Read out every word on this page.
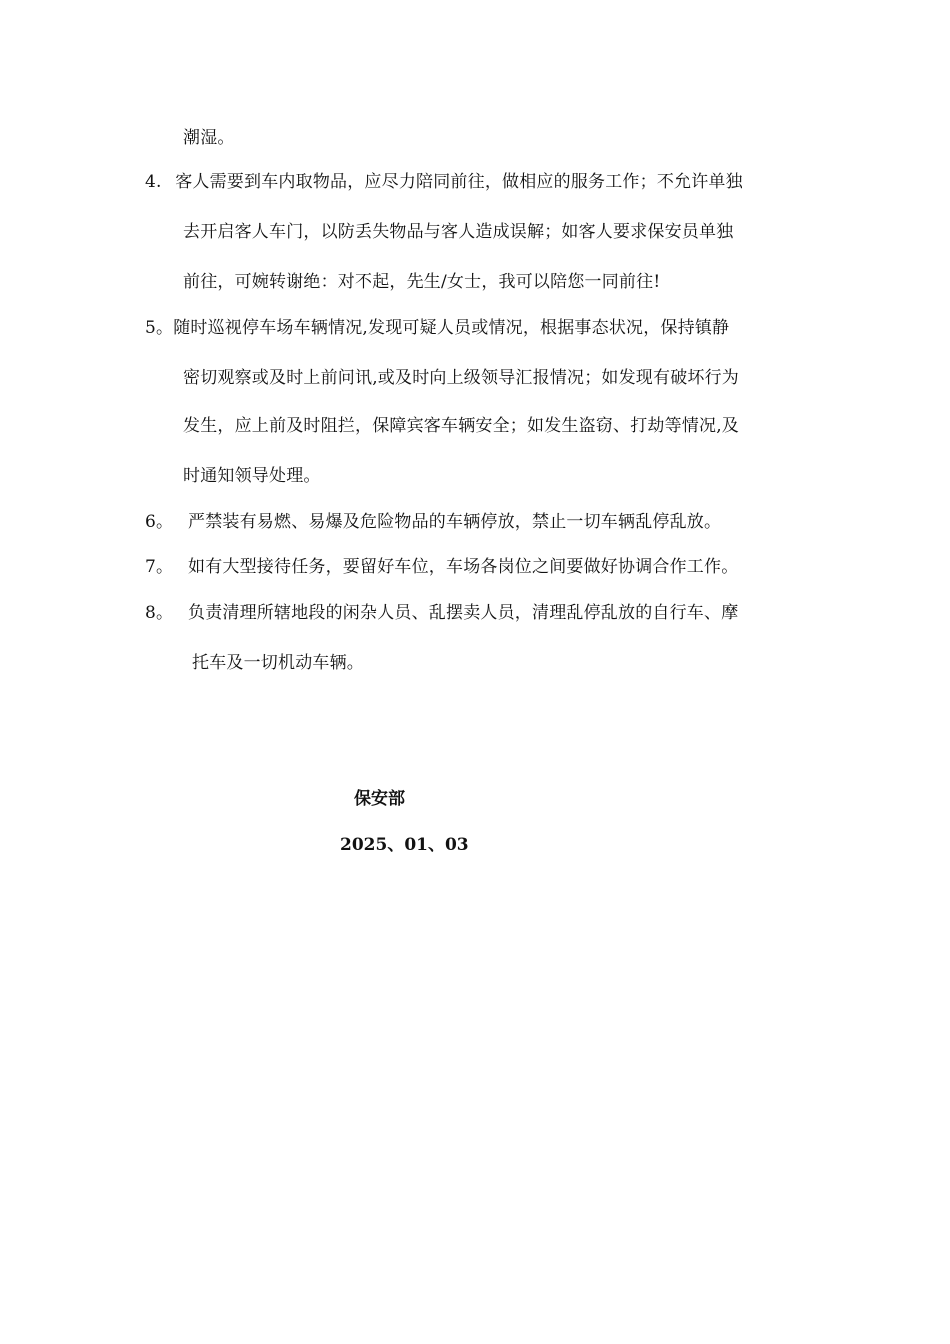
潮湿。
4. 客人需要到车内取物品，应尽力陪同前往，做相应的服务工作；不允许单独
去开启客人车门，以防丢失物品与客人造成误解；如客人要求保安员单独
前往，可婉转谢绝：对不起，先生/女士，我可以陪您一同前往!
5。随时巡视停车场车辆情况,发现可疑人员或情况，根据事态状况，保持镇静
密切观察或及时上前问讯,或及时向上级领导汇报情况；如发现有破坏行为
发生，应上前及时阻拦，保障宾客车辆安全；如发生盗窃、打劫等情况,及
时通知领导处理。
6。 严禁装有易燃、易爆及危险物品的车辆停放，禁止一切车辆乱停乱放。
7。 如有大型接待任务，要留好车位，车场各岗位之间要做好协调合作工作。
8。 负责清理所辖地段的闲杂人员、乱摆卖人员，清理乱停乱放的自行车、摩
托车及一切机动车辆。
保安部
2025、01、03
